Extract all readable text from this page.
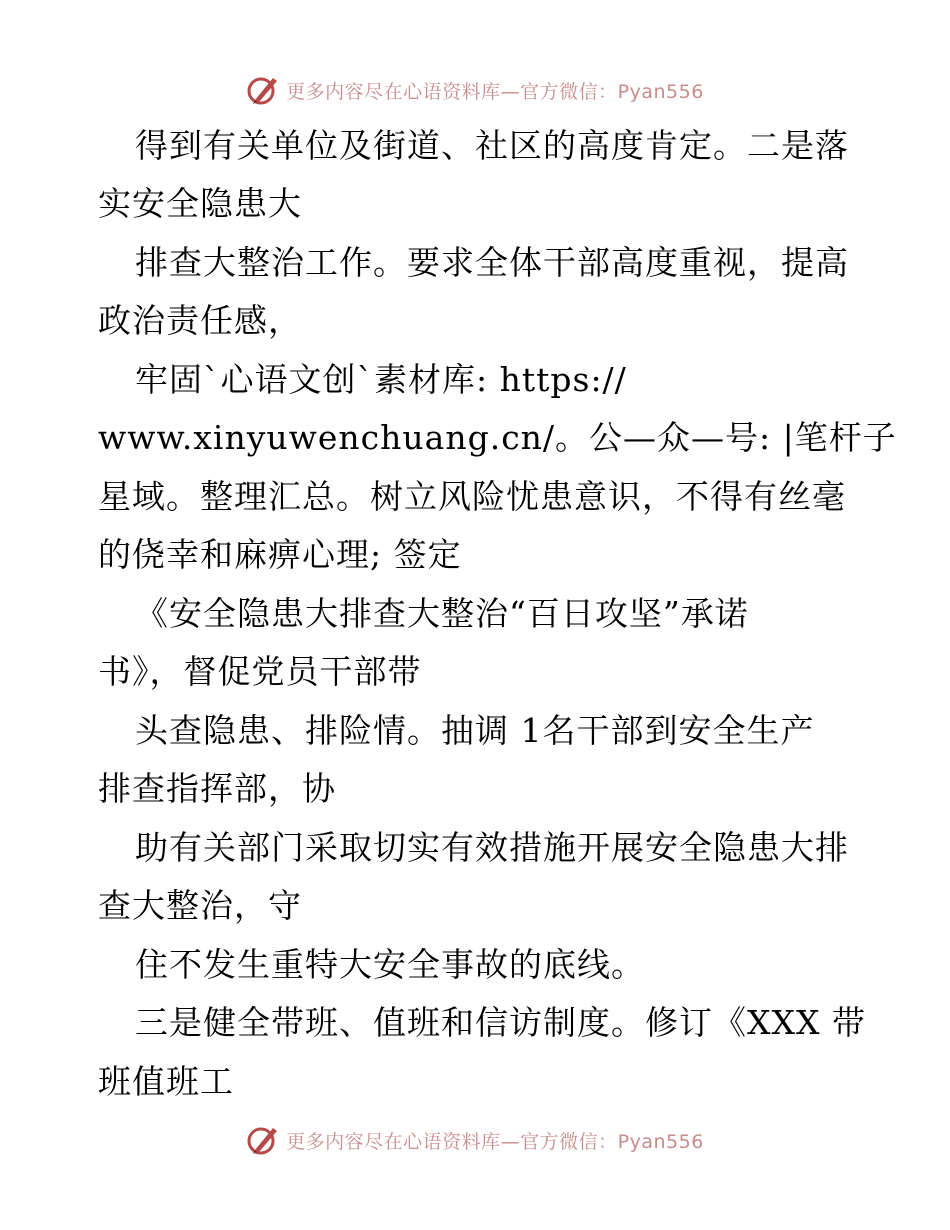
更多内容尽在心语资料库—官方微信：Pyan556
得到有关单位及街道、社区的高度肯定。二是落
实安全隐患大
排查大整治工作。要求全体干部高度重视，提高
政治责任感，
牢固`心语文创`素材库: https://
www.xinyuwenchuang.cn/。公—众—号: |笔杆子
星域。整理汇总。树立风险忧患意识，不得有丝毫
的侥幸和麻痹心理; 签定
《安全隐患大排查大整治“百日攻坚”承诺
书》，督促党员干部带
头查隐患、排险情。抽调 1名干部到安全生产
排查指挥部，协
助有关部门采取切实有效措施开展安全隐患大排
查大整治，守
住不发生重特大安全事故的底线。
三是健全带班、值班和信访制度。修订《XXX 带
班值班工
更多内容尽在心语资料库—官方微信：Pyan556
